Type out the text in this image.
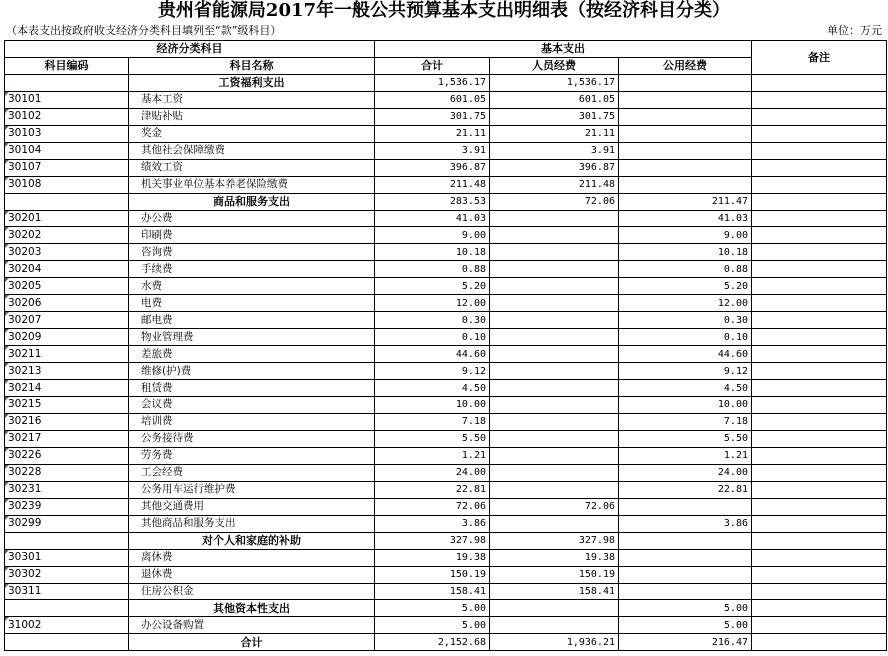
贵州省能源局2017年一般公共预算基本支出明细表（按经济科目分类）
（本表支出按政府收支经济分类科目填列至“款”级科目）	单位：万元
经济分类科目		基本支出			备注
科目编码	科目名称	合计	人员经费	公用经费	
	工资福利支出	1,536.17	1,536.17		
30101	基本工资	601.05	601.05		
30102	津贴补贴	301.75	301.75		
30103	奖金	21.11	21.11		
30104	其他社会保障缴费	3.91	3.91		
30107	绩效工资	396.87	396.87		
30108	机关事业单位基本养老保险缴费	211.48	211.48		
	商品和服务支出	283.53	72.06	211.47	
30201	办公费	41.03		41.03	
30202	印刷费	9.00		9.00	
30203	咨询费	10.18		10.18	
30204	手续费	0.88		0.88	
30205	水费	5.20		5.20	
30206	电费	12.00		12.00	
30207	邮电费	0.30		0.30	
30209	物业管理费	0.10		0.10	
30211	差旅费	44.60		44.60	
30213	维修(护)费	9.12		9.12	
30214	租赁费	4.50		4.50	
30215	会议费	10.00		10.00	
30216	培训费	7.18		7.18	
30217	公务接待费	5.50		5.50	
30226	劳务费	1.21		1.21	
30228	工会经费	24.00		24.00	
30231	公务用车运行维护费	22.81		22.81	
30239	其他交通费用	72.06	72.06		
30299	其他商品和服务支出	3.86		3.86	
	对个人和家庭的补助	327.98	327.98		
30301	离休费	19.38	19.38		
30302	退休费	150.19	150.19		
30311	住房公积金	158.41	158.41		
	其他资本性支出	5.00		5.00	
31002	办公设备购置	5.00		5.00	
	合计	2,152.68	1,936.21	216.47	
